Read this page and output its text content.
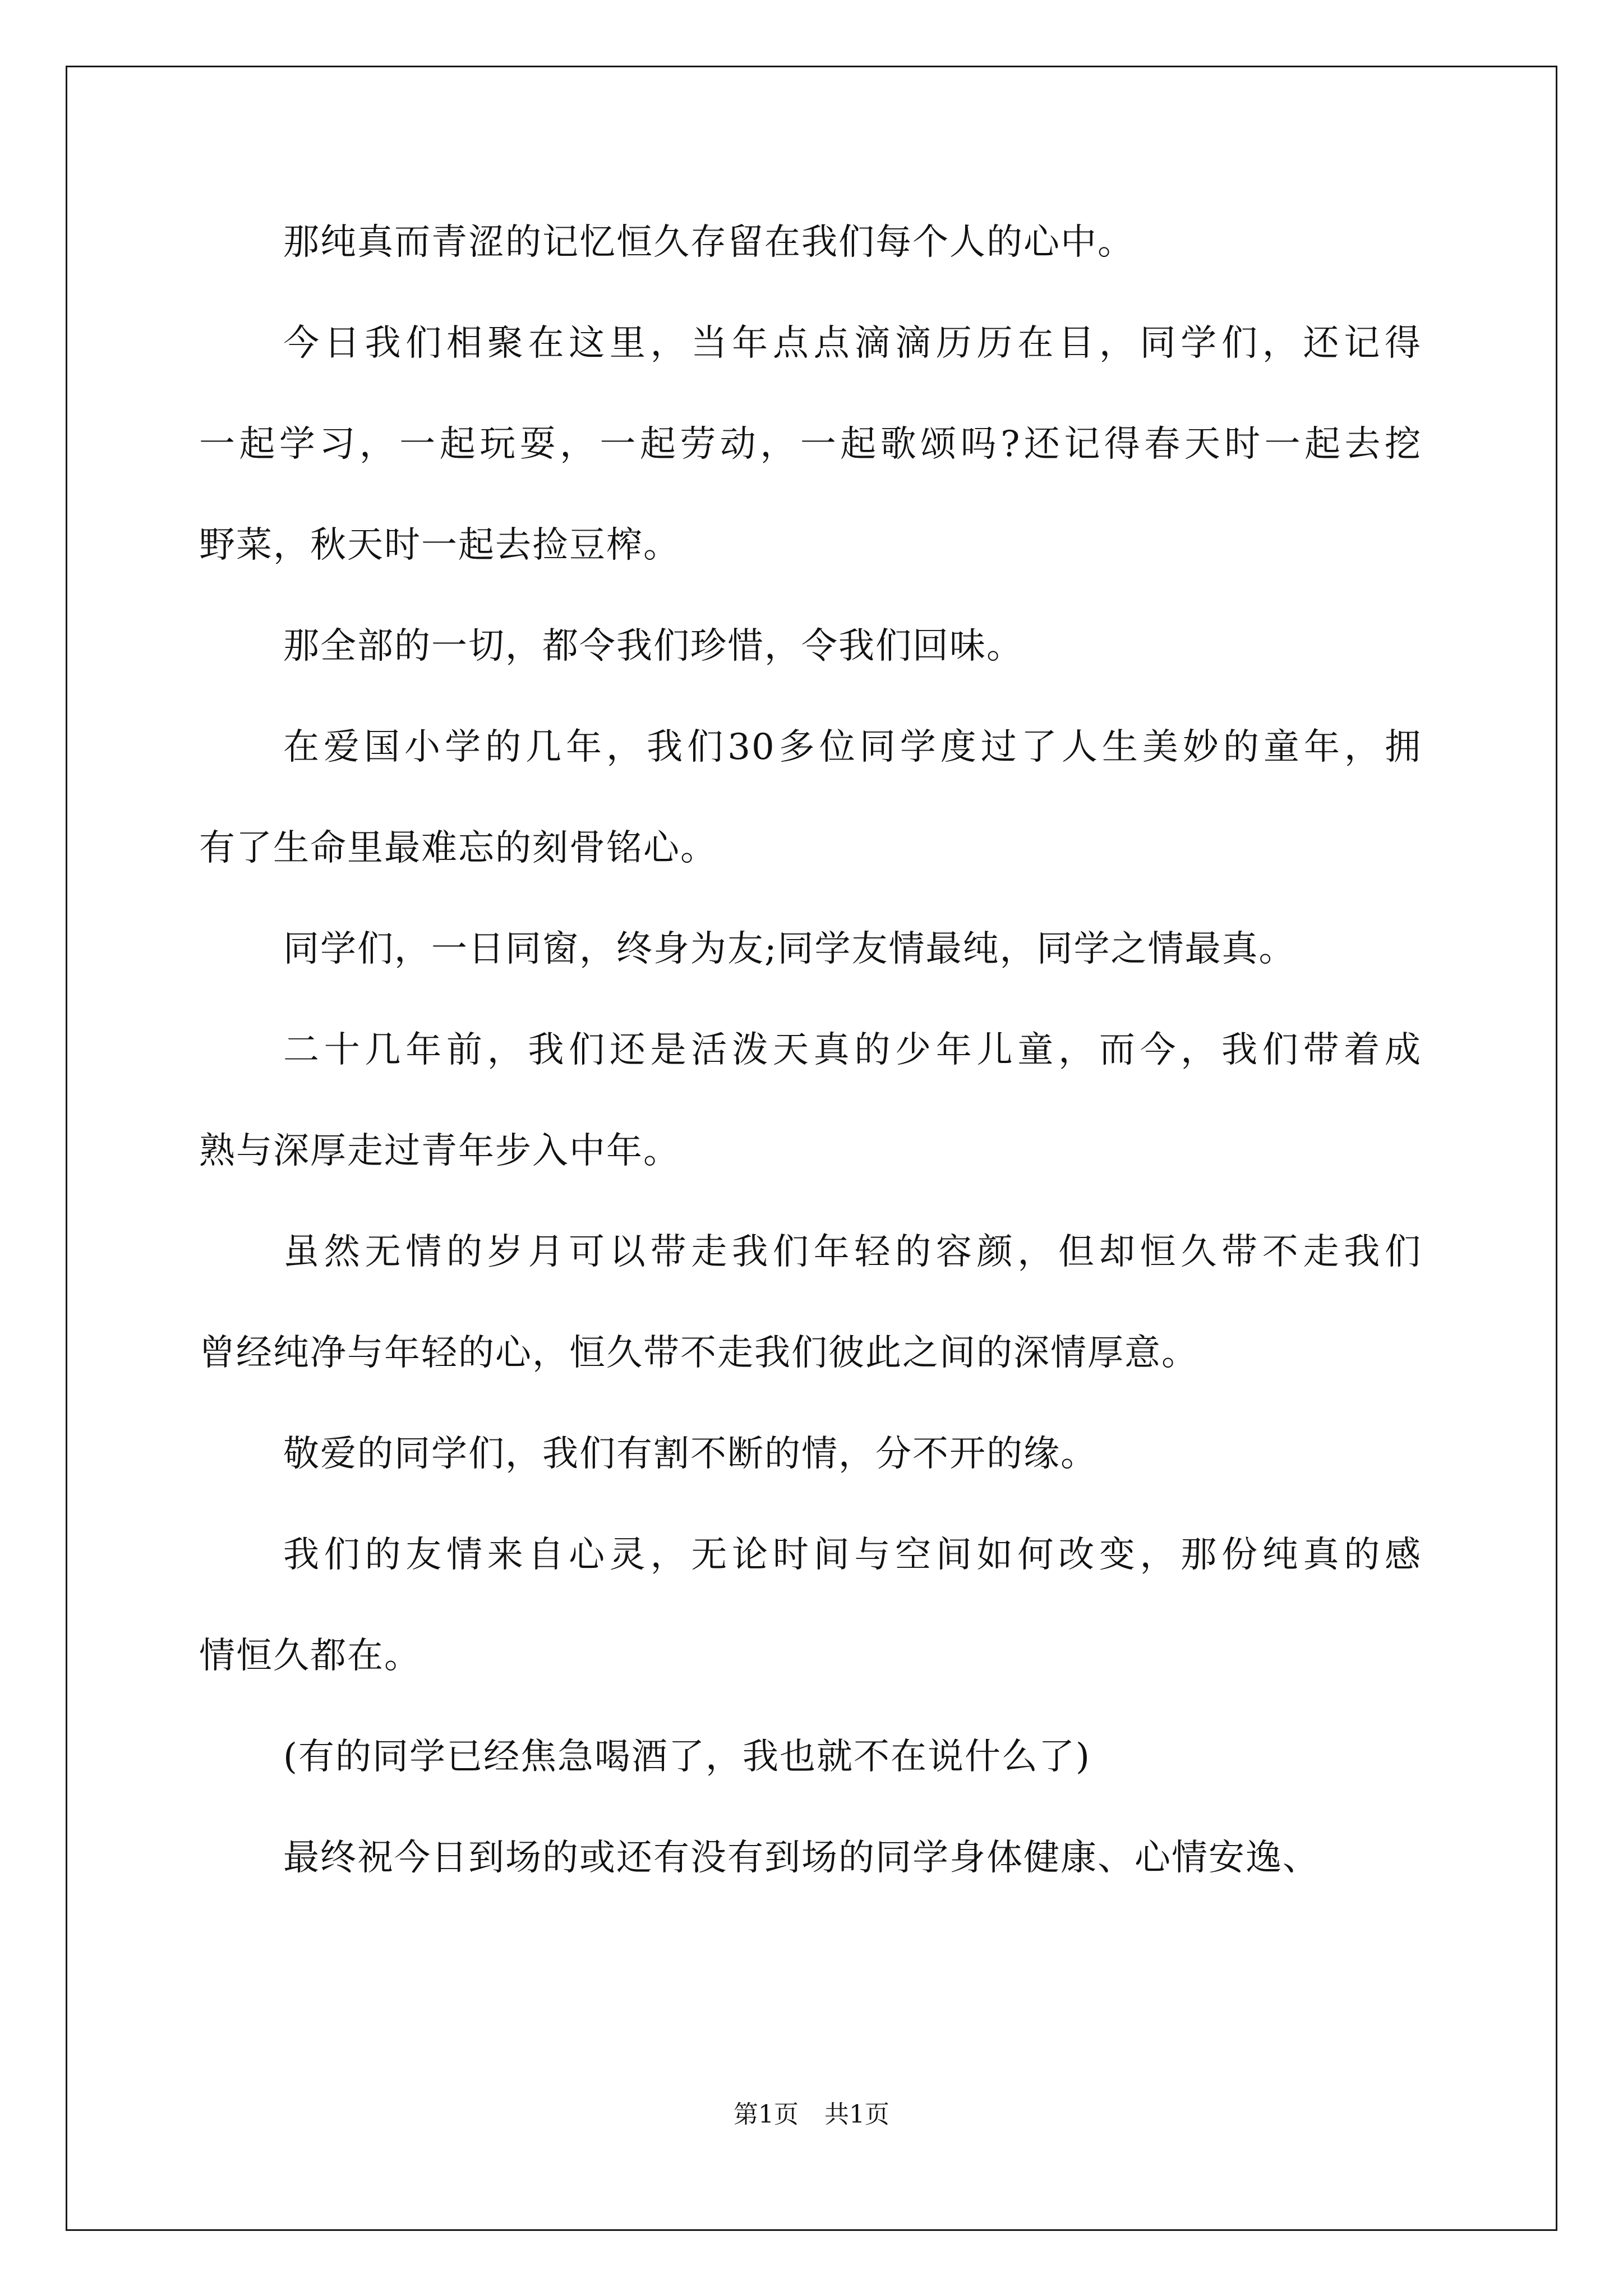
那纯真而青涩的记忆恒久存留在我们每个人的心中。
今日我们相聚在这里，当年点点滴滴历历在目，同学们，还记得
一起学习，一起玩耍，一起劳动，一起歌颂吗?还记得春天时一起去挖
野菜，秋天时一起去捡豆榨。
那全部的一切，都令我们珍惜，令我们回味。
在爱国小学的几年，我们30多位同学度过了人生美妙的童年，拥
有了生命里最难忘的刻骨铭心。
同学们，一日同窗，终身为友;同学友情最纯，同学之情最真。
二十几年前，我们还是活泼天真的少年儿童，而今，我们带着成
熟与深厚走过青年步入中年。
虽然无情的岁月可以带走我们年轻的容颜，但却恒久带不走我们
曾经纯净与年轻的心，恒久带不走我们彼此之间的深情厚意。
敬爱的同学们，我们有割不断的情，分不开的缘。
我们的友情来自心灵，无论时间与空间如何改变，那份纯真的感
情恒久都在。
(有的同学已经焦急喝酒了，我也就不在说什么了)
最终祝今日到场的或还有没有到场的同学身体健康、心情安逸、
第1页 共1页
